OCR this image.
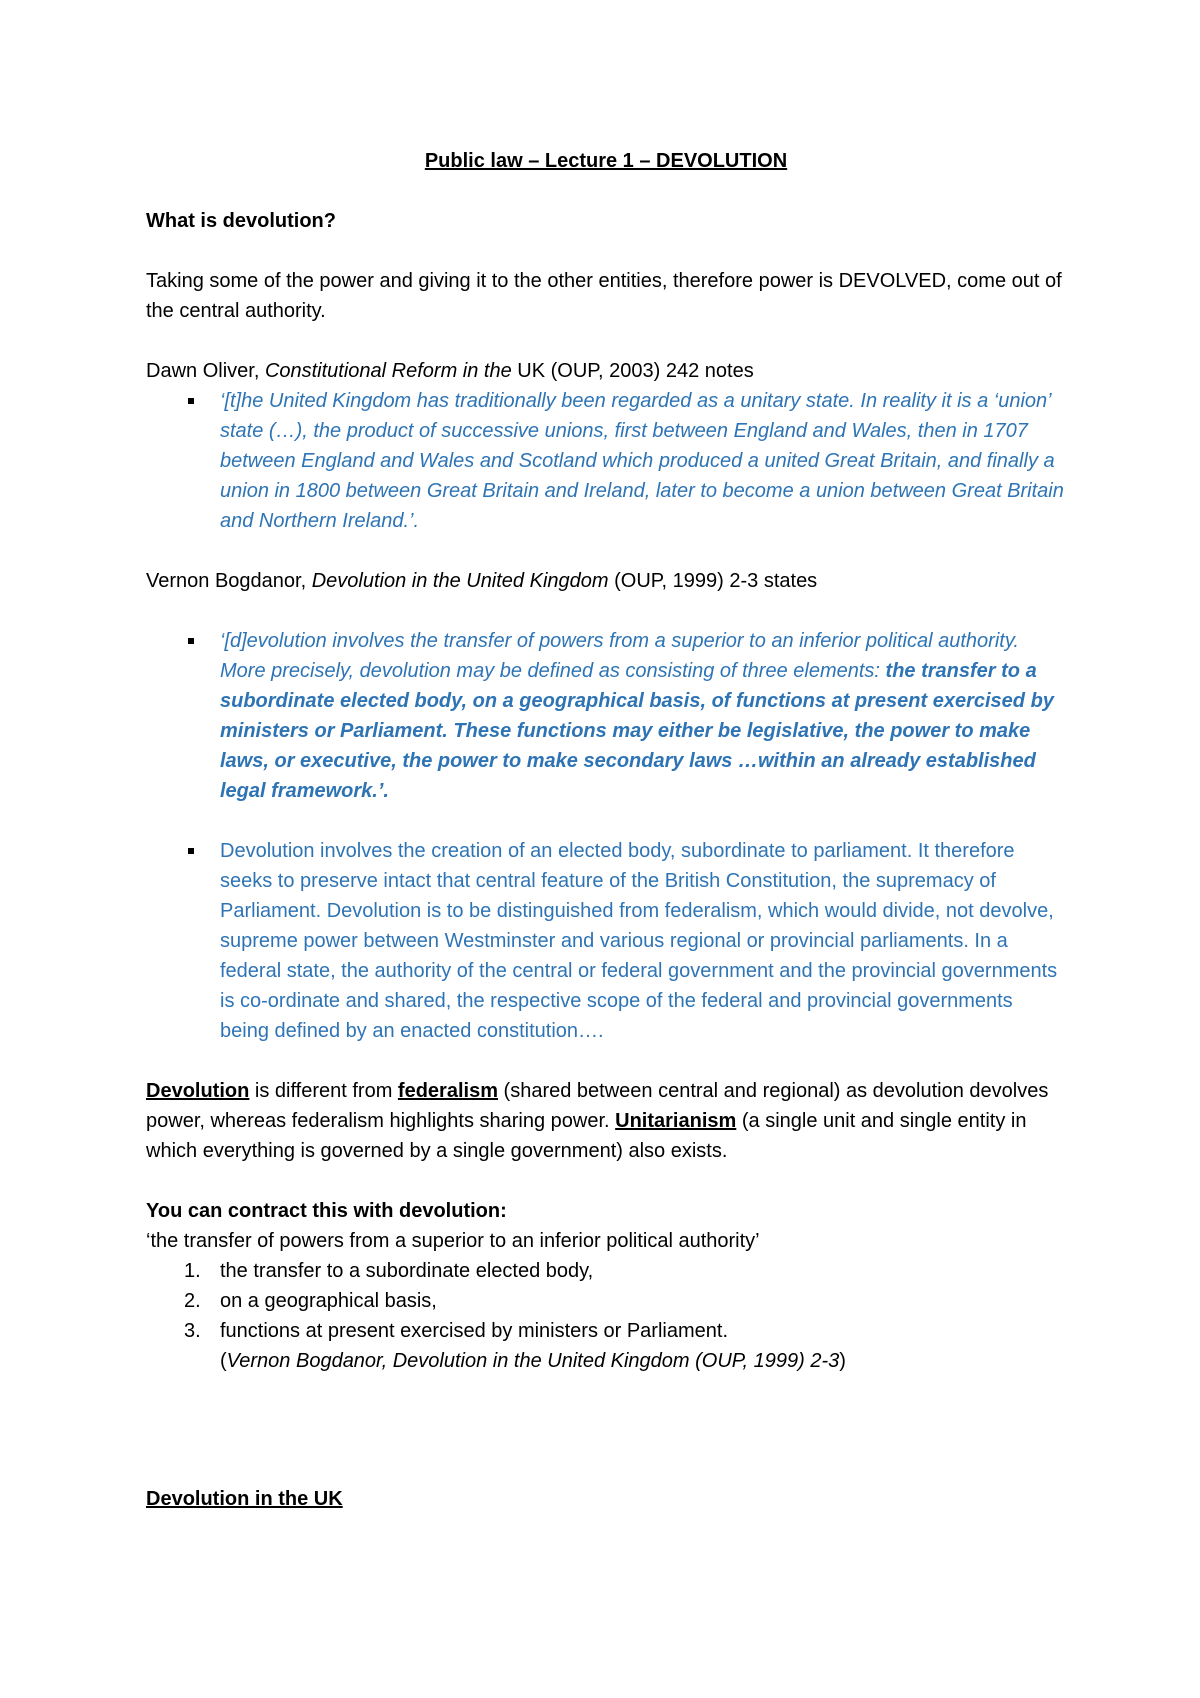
Public law – Lecture 1 – DEVOLUTION

What is devolution?

Taking some of the power and giving it to the other entities, therefore power is DEVOLVED, come out of the central authority.

Dawn Oliver, Constitutional Reform in the UK (OUP, 2003) 242 notes

‘[t]he United Kingdom has traditionally been regarded as a unitary state. In reality it is a ‘union’ state (…), the product of successive unions, first between England and Wales, then in 1707 between England and Wales and Scotland which produced a united Great Britain, and finally a union in 1800 between Great Britain and Ireland, later to become a union between Great Britain and Northern Ireland.’.

Vernon Bogdanor, Devolution in the United Kingdom (OUP, 1999) 2-3 states

‘[d]evolution involves the transfer of powers from a superior to an inferior political authority. More precisely, devolution may be defined as consisting of three elements: the transfer to a subordinate elected body, on a geographical basis, of functions at present exercised by ministers or Parliament. These functions may either be legislative, the power to make laws, or executive, the power to make secondary laws …within an already established legal framework.’.
Devolution involves the creation of an elected body, subordinate to parliament. It therefore seeks to preserve intact that central feature of the British Constitution, the supremacy of Parliament. Devolution is to be distinguished from federalism, which would divide, not devolve, supreme power between Westminster and various regional or provincial parliaments. In a federal state, the authority of the central or federal government and the provincial governments is co-ordinate and shared, the respective scope of the federal and provincial governments being defined by an enacted constitution….

Devolution is different from federalism (shared between central and regional) as devolution devolves power, whereas federalism highlights sharing power. Unitarianism (a single unit and single entity in which everything is governed by a single government) also exists.

You can contract this with devolution:

‘the transfer of powers from a superior to an inferior political authority’

1. the transfer to a subordinate elected body,
2. on a geographical basis,
3. functions at present exercised by ministers or Parliament.

(Vernon Bogdanor, Devolution in the United Kingdom (OUP, 1999) 2-3)

Devolution in the UK
